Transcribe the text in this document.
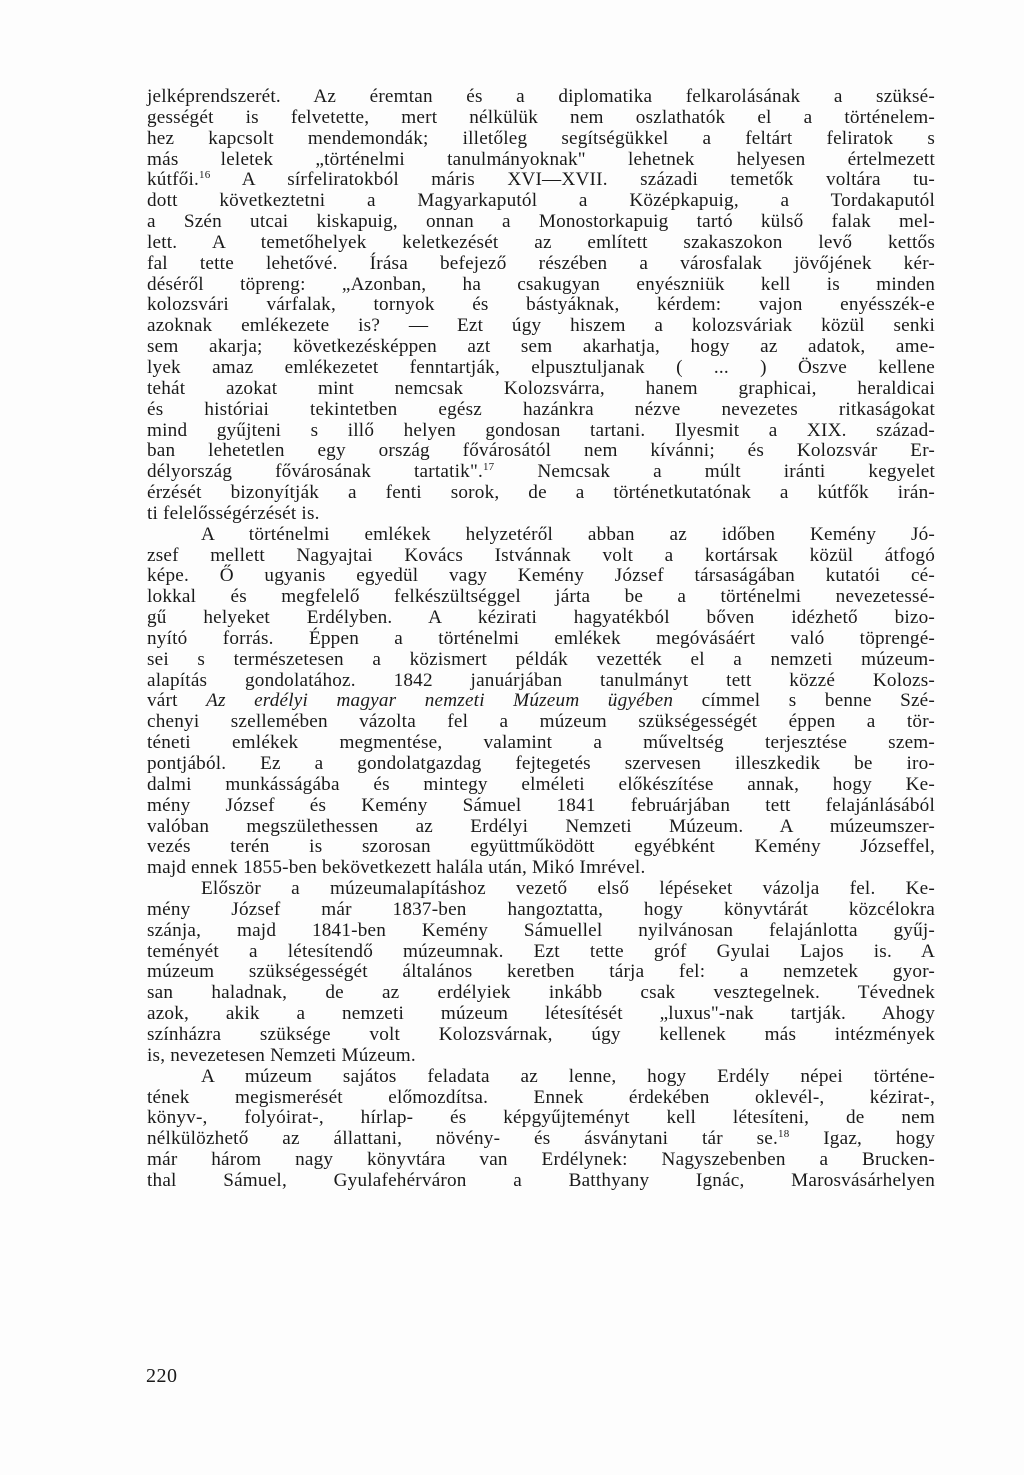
jelképrendszerét. Az éremtan és a diplomatika felkarolásának a szüksé-
gességét is felvetette, mert nélkülük nem oszlathatók el a történelem-
hez kapcsolt mendemondák; illetőleg segítségükkel a feltárt feliratok s
más leletek „történelmi tanulmányoknak" lehetnek helyesen értelmezett
kútfői.$^{16}$ A sírfeliratokból máris XVI—XVII. századi temetők voltára tu-
dott következtetni a Magyarkaputól a Középkapuig, a Tordakaputól
a Szén utcai kiskapuig, onnan a Monostorkapuig tartó külső falak mel-
lett. A temetőhelyek keletkezését az említett szakaszokon levő kettős
fal tette lehetővé. Írása befejező részében a városfalak jövőjének kér-
déséről töpreng: „Azonban, ha csakugyan enyészniük kell is minden
kolozsvári várfalak, tornyok és bástyáknak, kérdem: vajon enyésszék-e
azoknak emlékezete is? — Ezt úgy hiszem a kolozsváriak közül senki
sem akarja; következésképpen azt sem akarhatja, hogy az adatok, ame-
lyek amaz emlékezetet fenntartják, elpusztuljanak ( ... ) Öszve kellene
tehát azokat mint nemcsak Kolozsvárra, hanem graphicai, heraldicai
és históriai tekintetben egész hazánkra nézve nevezetes ritkaságokat
mind gyűjteni s illő helyen gondosan tartani. Ilyesmit a XIX. század-
ban lehetetlen egy ország fővárosától nem kívánni; és Kolozsvár Er-
délyország fővárosának tartatik".$^{17}$ Nemcsak a múlt iránti kegyelet
érzését bizonyítják a fenti sorok, de a történetkutatónak a kútfők irán-
ti felelősségérzését is.
A történelmi emlékek helyzetéről abban az időben Kemény Jó-
zsef mellett Nagyajtai Kovács Istvánnak volt a kortársak közül átfogó
képe. Ő ugyanis egyedül vagy Kemény József társaságában kutatói cé-
lokkal és megfelelő felkészültséggel járta be a történelmi nevezetessé-
gű helyeket Erdélyben. A kézirati hagyatékból bőven idézhető bizo-
nyító forrás. Éppen a történelmi emlékek megóvásáért való töprengé-
sei s természetesen a közismert példák vezették el a nemzeti múzeum-
alapítás gondolatához. 1842 januárjában tanulmányt tett közzé Kolozs-
várt Az erdélyi magyar nemzeti Múzeum ügyében címmel s benne Szé-
chenyi szellemében vázolta fel a múzeum szükségességét éppen a tör-
téneti emlékek megmentése, valamint a műveltség terjesztése szem-
pontjából. Ez a gondolatgazdag fejtegetés szervesen illeszkedik be iro-
dalmi munkásságába és mintegy elméleti előkészítése annak, hogy Ke-
mény József és Kemény Sámuel 1841 februárjában tett felajánlásából
valóban megszülethessen az Erdélyi Nemzeti Múzeum. A múzeumszer-
vezés terén is szorosan együttműködött egyébként Kemény Józseffel,
majd ennek 1855-ben bekövetkezett halála után, Mikó Imrével.
Először a múzeumalapításhoz vezető első lépéseket vázolja fel. Ke-
mény József már 1837-ben hangoztatta, hogy könyvtárát közcélokra
szánja, majd 1841-ben Kemény Sámuellel nyilvánosan felajánlotta gyűj-
teményét a létesítendő múzeumnak. Ezt tette gróf Gyulai Lajos is. A
múzeum szükségességét általános keretben tárja fel: a nemzetek gyor-
san haladnak, de az erdélyiek inkább csak vesztegelnek. Tévednek
azok, akik a nemzeti múzeum létesítését „luxus"-nak tartják. Ahogy
színházra szüksége volt Kolozsvárnak, úgy kellenek más intézmények
is, nevezetesen Nemzeti Múzeum.
A múzeum sajátos feladata az lenne, hogy Erdély népei történe-
tének megismerését előmozdítsa. Ennek érdekében oklevél-, kézirat-,
könyv-, folyóirat-, hírlap- és képgyűjteményt kell létesíteni, de nem
nélkülözhető az állattani, növény- és ásványtani tár se.$^{18}$ Igaz, hogy
már három nagy könyvtára van Erdélynek: Nagyszebenben a Brucken-
thal Sámuel, Gyulafehérváron a Batthyany Ignác, Marosvásárhelyen
220
